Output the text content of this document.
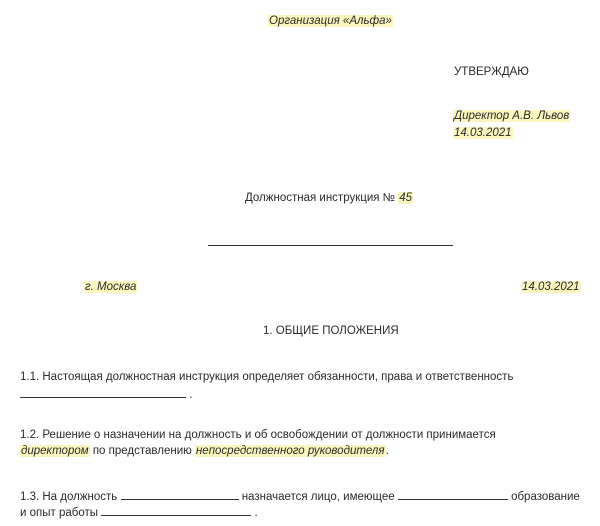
Организация «Альфа»
УТВЕРЖДАЮ
Директор А.В. Львов
14.03.2021
Должностная инструкция № 45
г. Москва	14.03.2021
1. ОБЩИЕ ПОЛОЖЕНИЯ
1.1. Настоящая должностная инструкция определяет обязанности, права и ответственность
.
1.2. Решение о назначении на должность и об освобождении от должности принимается
директором по представлению непосредственного руководителя.
1.3. На должность	назначается лицо, имеющее	образование
и опыт работы	.
